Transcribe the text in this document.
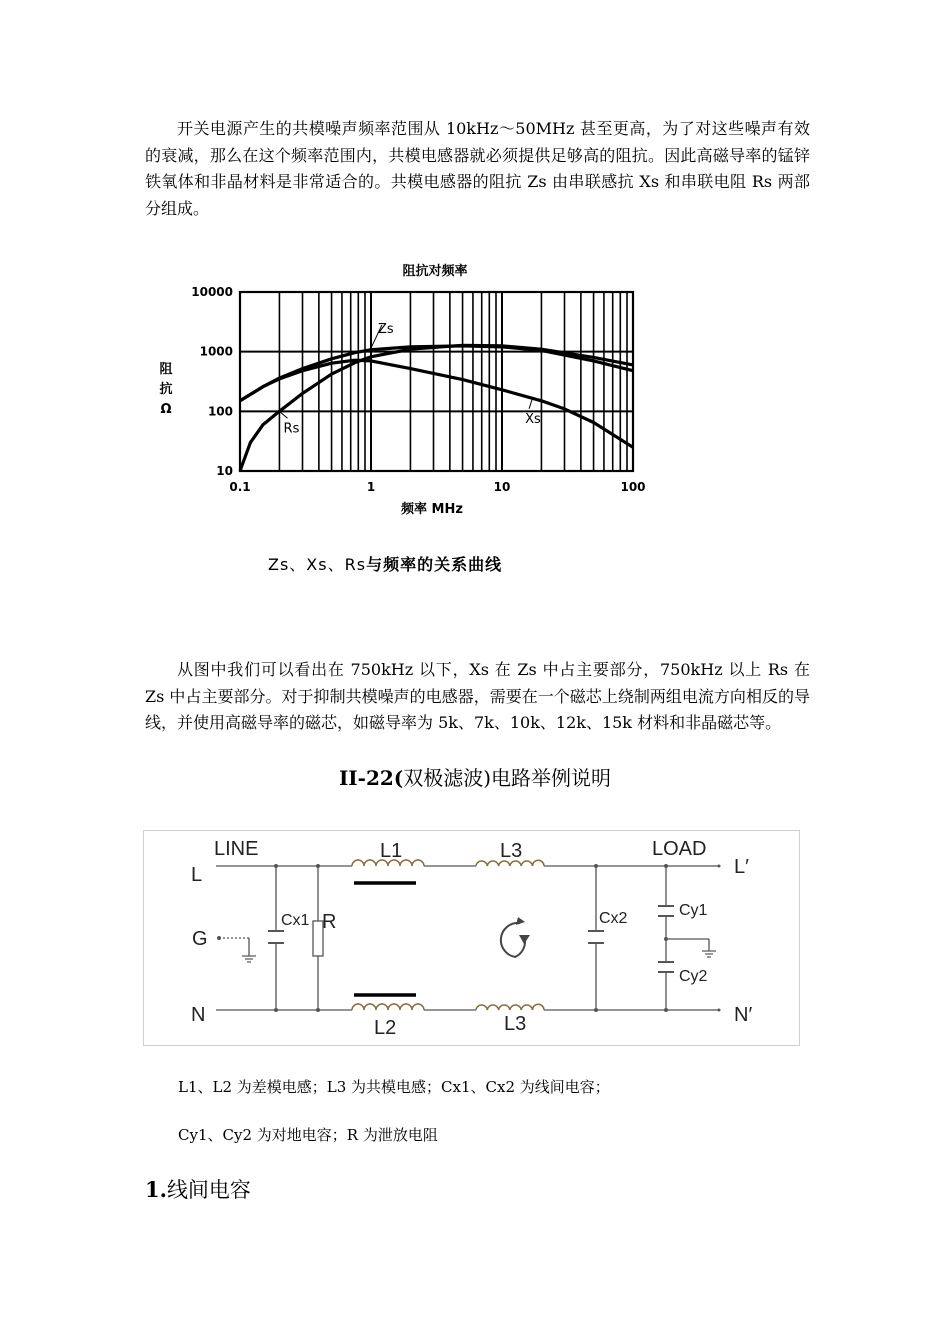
开关电源产生的共模噪声频率范围从 10kHz～50MHz 甚至更高，为了对这些噪声有效的衰减，那么在这个频率范围内，共模电感器就必须提供足够高的阻抗。因此高磁导率的锰锌铁氧体和非晶材料是非常适合的。共模电感器的阻抗 Zs 由串联感抗 Xs 和串联电阻 Rs 两部分组成。

阻抗对频率
0.1	1	10	100
10000
1000
100
10
Zs
Xs
Rs
频率 MHz
阻
抗
Ω
Zs、Xs、Rs与频率的关系曲线

从图中我们可以看出在 750kHz 以下，Xs 在 Zs 中占主要部分，750kHz 以上 Rs 在 Zs 中占主要部分。对于抑制共模噪声的电感器，需要在一个磁芯上绕制两组电流方向相反的导线，并使用高磁导率的磁芯，如磁导率为 5k、7k、10k、12k、15k 材料和非晶磁芯等。

II-22(双极滤波)电路举例说明
LINE	LOAD
L
G
N
L′
N′
L1	L3
L2	L3
R
Cx1	Cx2	Cy1
Cy2

L1、L2 为差模电感；L3 为共模电感；Cx1、Cx2 为线间电容；

Cy1、Cy2 为对地电容；R 为泄放电阻

1.线间电容
